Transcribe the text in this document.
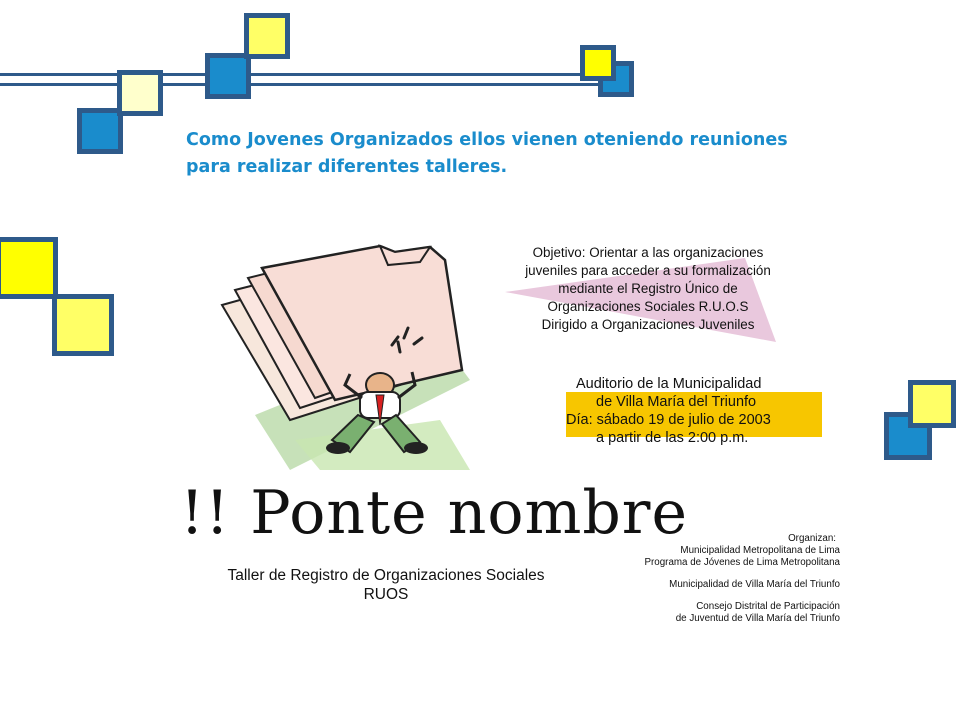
Como Jovenes Organizados ellos vienen oteniendo reuniones
para realizar diferentes talleres.
Objetivo: Orientar a las organizaciones
juveniles para acceder a su formalización
mediante el Registro Único de
Organizaciones Sociales R.U.O.S
Dirigido a Organizaciones Juveniles
Auditorio de la Municipalidad
de Villa María del Triunfo
Día: sábado 19 de julio de 2003
a partir de las 2:00 p.m.
!! Ponte nombre
Taller de Registro de Organizaciones Sociales
RUOS
Organizan:
Municipalidad Metropolitana de Lima
Programa de Jóvenes de Lima Metropolitana
Municipalidad de Villa María del Triunfo
Consejo Distrital de Participación
de Juventud de Villa María del Triunfo
